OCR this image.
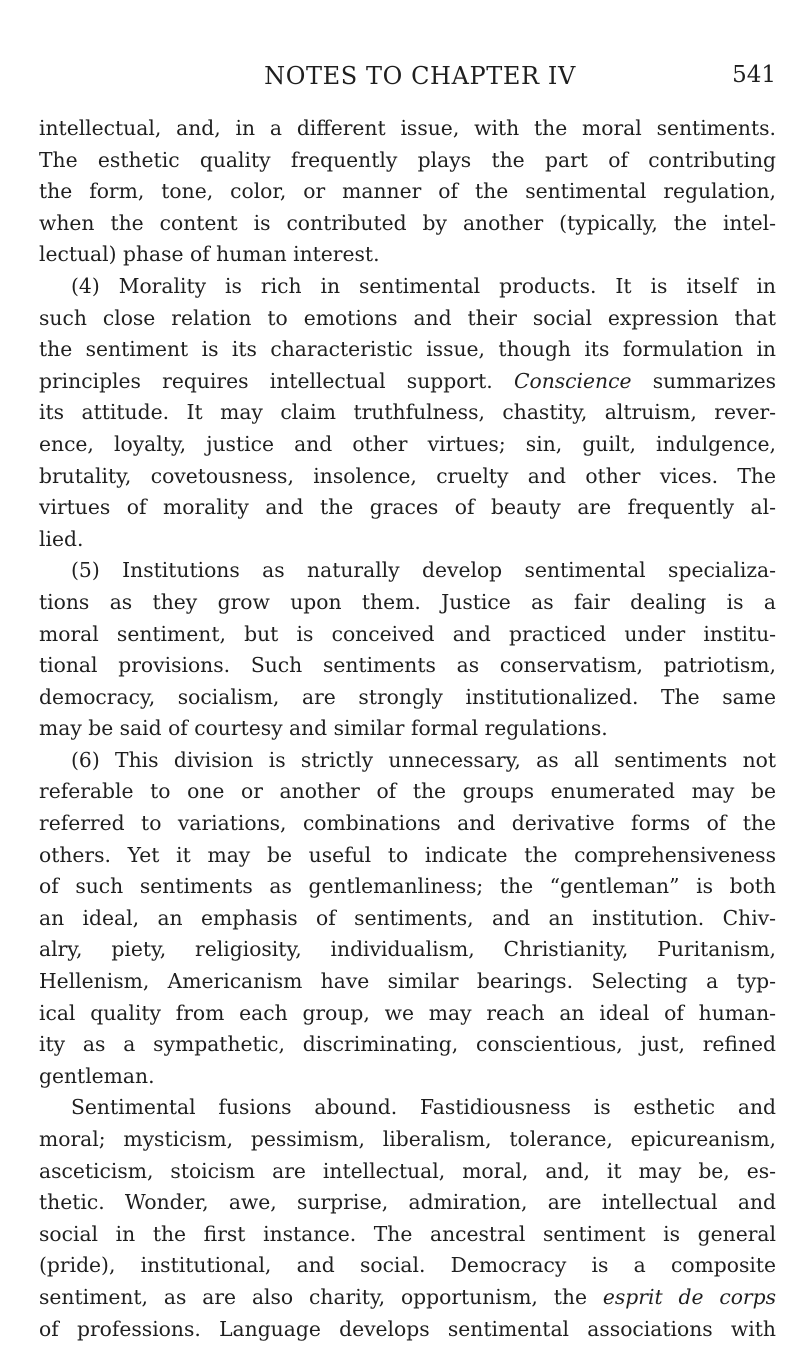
NOTES TO CHAPTER IV	541
intellectual, and, in a different issue, with the moral sentiments.
The esthetic quality frequently plays the part of contributing
the form, tone, color, or manner of the sentimental regulation,
when the content is contributed by another (typically, the intel-
lectual) phase of human interest.
(4) Morality is rich in sentimental products. It is itself in
such close relation to emotions and their social expression that
the sentiment is its characteristic issue, though its formulation in
principles requires intellectual support. Conscience summarizes
its attitude. It may claim truthfulness, chastity, altruism, rever-
ence, loyalty, justice and other virtues; sin, guilt, indulgence,
brutality, covetousness, insolence, cruelty and other vices. The
virtues of morality and the graces of beauty are frequently al-
lied.
(5) Institutions as naturally develop sentimental specializa-
tions as they grow upon them. Justice as fair dealing is a
moral sentiment, but is conceived and practiced under institu-
tional provisions. Such sentiments as conservatism, patriotism,
democracy, socialism, are strongly institutionalized. The same
may be said of courtesy and similar formal regulations.
(6) This division is strictly unnecessary, as all sentiments not
referable to one or another of the groups enumerated may be
referred to variations, combinations and derivative forms of the
others. Yet it may be useful to indicate the comprehensiveness
of such sentiments as gentlemanliness; the “gentleman” is both
an ideal, an emphasis of sentiments, and an institution. Chiv-
alry, piety, religiosity, individualism, Christianity, Puritanism,
Hellenism, Americanism have similar bearings. Selecting a typ-
ical quality from each group, we may reach an ideal of human-
ity as a sympathetic, discriminating, conscientious, just, refined
gentleman.
Sentimental fusions abound. Fastidiousness is esthetic and
moral; mysticism, pessimism, liberalism, tolerance, epicureanism,
asceticism, stoicism are intellectual, moral, and, it may be, es-
thetic. Wonder, awe, surprise, admiration, are intellectual and
social in the first instance. The ancestral sentiment is general
(pride), institutional, and social. Democracy is a composite
sentiment, as are also charity, opportunism, the esprit de corps
of professions. Language develops sentimental associations with
